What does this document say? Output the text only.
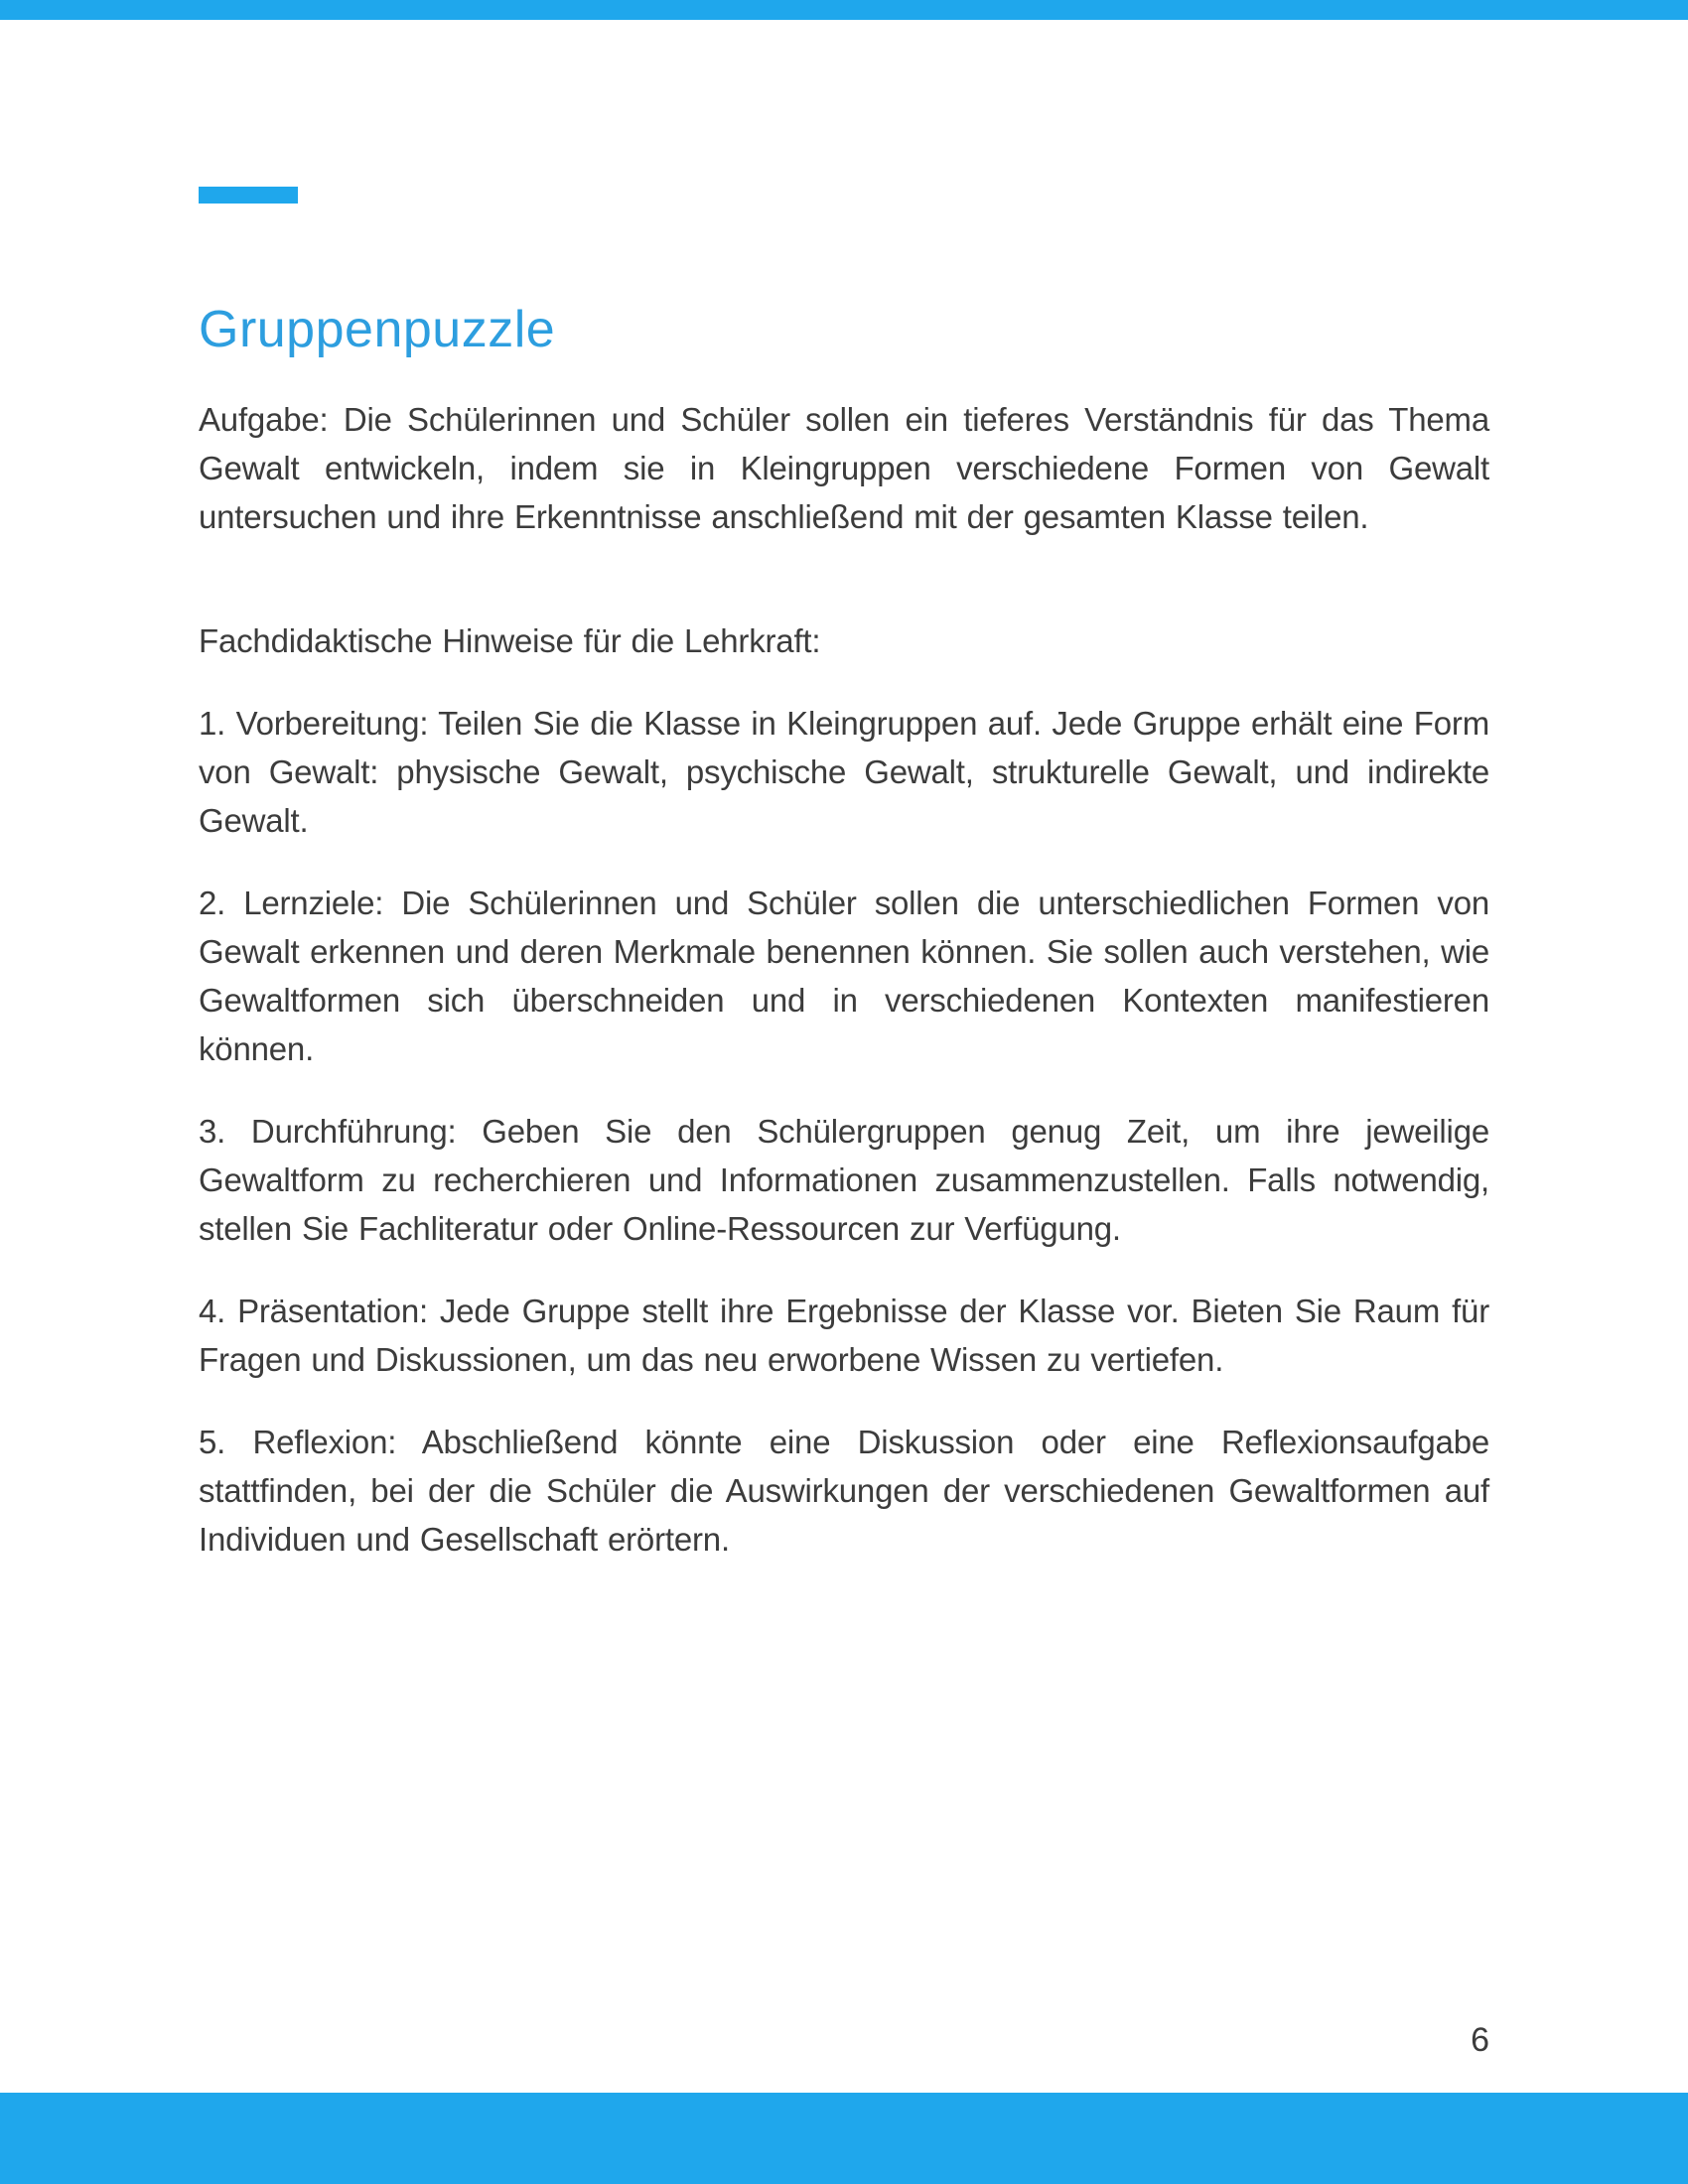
Gruppenpuzzle

Aufgabe: Die Schülerinnen und Schüler sollen ein tieferes Verständnis für das Thema Gewalt entwickeln, indem sie in Kleingruppen verschiedene Formen von Gewalt untersuchen und ihre Erkenntnisse anschließend mit der gesamten Klasse teilen.

Fachdidaktische Hinweise für die Lehrkraft:

1. Vorbereitung: Teilen Sie die Klasse in Kleingruppen auf. Jede Gruppe erhält eine Form von Gewalt: physische Gewalt, psychische Gewalt, strukturelle Gewalt, und indirekte Gewalt.

2. Lernziele: Die Schülerinnen und Schüler sollen die unterschiedlichen Formen von Gewalt erkennen und deren Merkmale benennen können. Sie sollen auch verstehen, wie Gewaltformen sich überschneiden und in verschiedenen Kontexten manifestieren können.

3. Durchführung: Geben Sie den Schülergruppen genug Zeit, um ihre jeweilige Gewaltform zu recherchieren und Informationen zusammenzustellen. Falls notwendig, stellen Sie Fachliteratur oder Online-Ressourcen zur Verfügung.

4. Präsentation: Jede Gruppe stellt ihre Ergebnisse der Klasse vor. Bieten Sie Raum für Fragen und Diskussionen, um das neu erworbene Wissen zu vertiefen.

5. Reflexion: Abschließend könnte eine Diskussion oder eine Reflexionsaufgabe stattfinden, bei der die Schüler die Auswirkungen der verschiedenen Gewaltformen auf Individuen und Gesellschaft erörtern.

6
